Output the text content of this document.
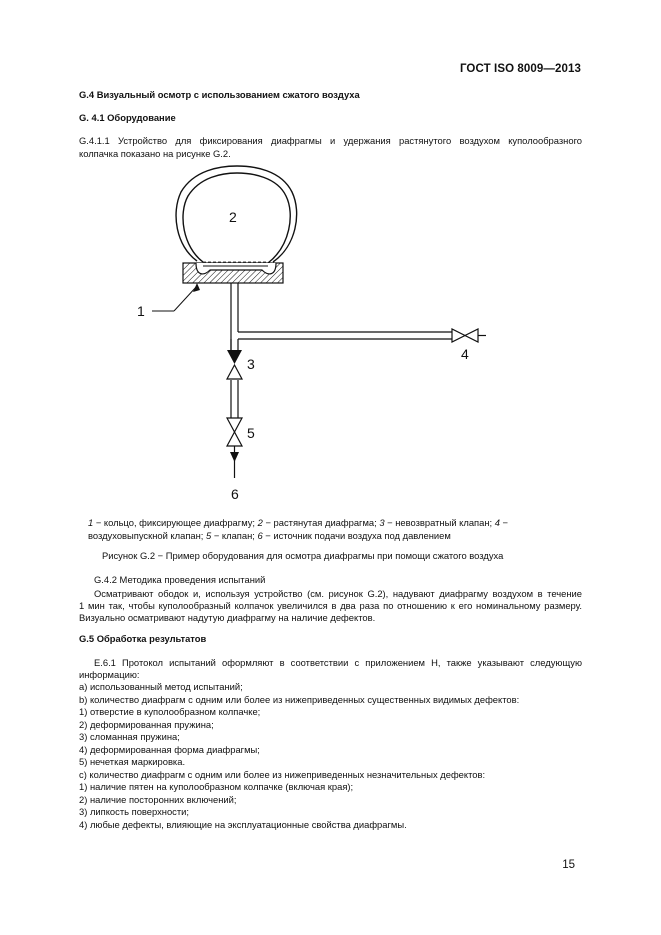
ГОСТ ISO 8009—2013
G.4 Визуальный осмотр с использованием сжатого воздуха
G. 4.1 Оборудование
G.4.1.1 Устройство для фиксирования диафрагмы и удержания растянутого воздухом куполообразного
колпачка показано на рисунке G.2.
1
2
3
4
5
6
1 − кольцо, фиксирующее диафрагму; 2 − растянутая диафрагма; 3 − невозвратный клапан; 4 −
воздуховыпускной клапан; 5 − клапан; 6 − источник подачи воздуха под давлением
Рисунок G.2 − Пример оборудования для осмотра диафрагмы при помощи сжатого воздуха
G.4.2 Методика проведения испытаний
Осматривают ободок и, используя устройство (см. рисунок G.2), надувают диафрагму воздухом в течение
1 мин так, чтобы куполообразный колпачок увеличился в два раза по отношению к его номинальному размеру.
Визуально осматривают надутую диафрагму на наличие дефектов.
G.5 Обработка результатов
E.6.1 Протокол испытаний оформляют в соответствии с приложением H, также указывают следующую
информацию:
а) использованный метод испытаний;
b) количество диафрагм с одним или более из нижеприведенных существенных видимых дефектов:
1) отверстие в куполообразном колпачке;
2) деформированная пружина;
3) сломанная пружина;
4) деформированная форма диафрагмы;
5) нечеткая маркировка.
c) количество диафрагм с одним или более из нижеприведенных незначительных дефектов:
1) наличие пятен на куполообразном колпачке (включая края);
2) наличие посторонних включений;
3) липкость поверхности;
4) любые дефекты, влияющие на эксплуатационные свойства диафрагмы.
15
